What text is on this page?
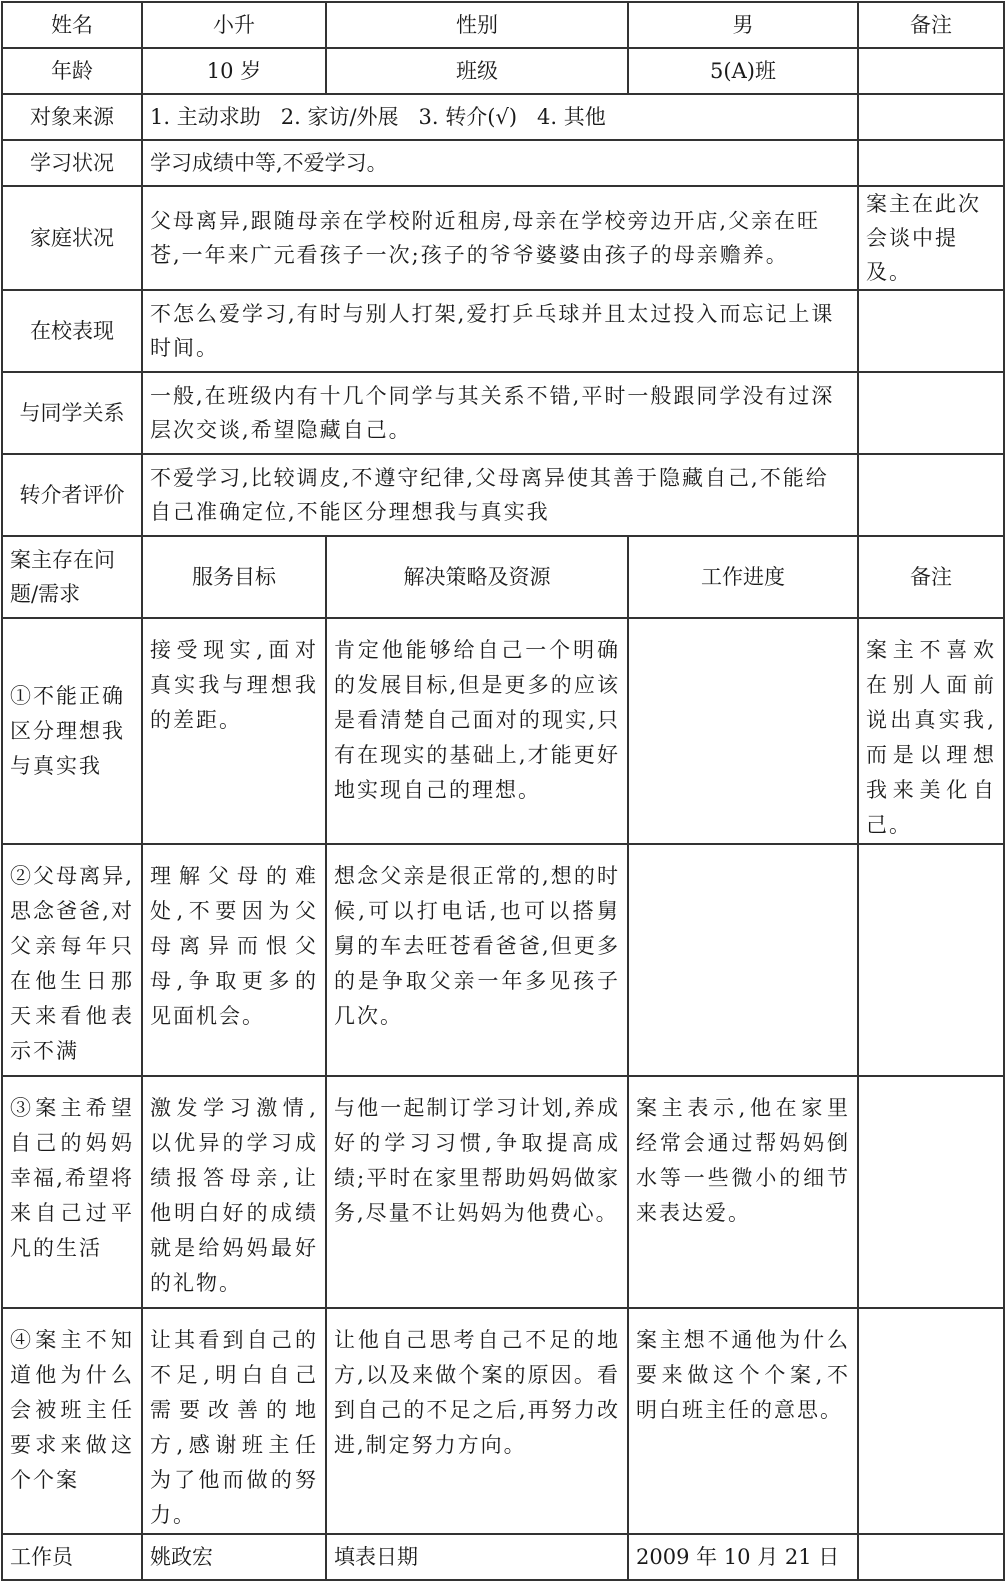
姓名	小升	性别	男	备注
年龄	10 岁	班级	5(A)班	
对象来源	1. 主动求助   2. 家访/外展   3. 转介(√)   4. 其他			
学习状况	学习成绩中等,不爱学习。			
家庭状况	父母离异,跟随母亲在学校附近租房,母亲在学校旁边开店,父亲在旺苍,一年来广元看孩子一次;孩子的爷爷婆婆由孩子的母亲赡养。			案主在此次会谈中提及。
在校表现	不怎么爱学习,有时与别人打架,爱打乒乓球并且太过投入而忘记上课时间。			
与同学关系	一般,在班级内有十几个同学与其关系不错,平时一般跟同学没有过深层次交谈,希望隐藏自己。			
转介者评价	不爱学习,比较调皮,不遵守纪律,父母离异使其善于隐藏自己,不能给自己准确定位,不能区分理想我与真实我			
案主存在问题/需求	服务目标	解决策略及资源	工作进度	备注
①不能正确区分理想我与真实我	接受现实,面对真实我与理想我的差距。	肯定他能够给自己一个明确的发展目标,但是更多的应该是看清楚自己面对的现实,只有在现实的基础上,才能更好地实现自己的理想。		案主不喜欢在别人面前说出真实我,而是以理想我来美化自己。
②父母离异,思念爸爸,对父亲每年只在他生日那天来看他表示不满	理解父母的难处,不要因为父母离异而恨父母,争取更多的见面机会。	想念父亲是很正常的,想的时候,可以打电话,也可以搭舅舅的车去旺苍看爸爸,但更多的是争取父亲一年多见孩子几次。		
③案主希望自己的妈妈幸福,希望将来自己过平凡的生活	激发学习激情,以优异的学习成绩报答母亲,让他明白好的成绩就是给妈妈最好的礼物。	与他一起制订学习计划,养成好的学习习惯,争取提高成绩;平时在家里帮助妈妈做家务,尽量不让妈妈为他费心。	案主表示,他在家里经常会通过帮妈妈倒水等一些微小的细节来表达爱。	
④案主不知道他为什么会被班主任要求来做这个个案	让其看到自己的不足,明白自己需要改善的地方,感谢班主任为了他而做的努力。	让他自己思考自己不足的地方,以及来做个案的原因。看到自己的不足之后,再努力改进,制定努力方向。	案主想不通他为什么要来做这个个案,不明白班主任的意思。	
工作员	姚政宏	填表日期	2009 年 10 月 21 日	
